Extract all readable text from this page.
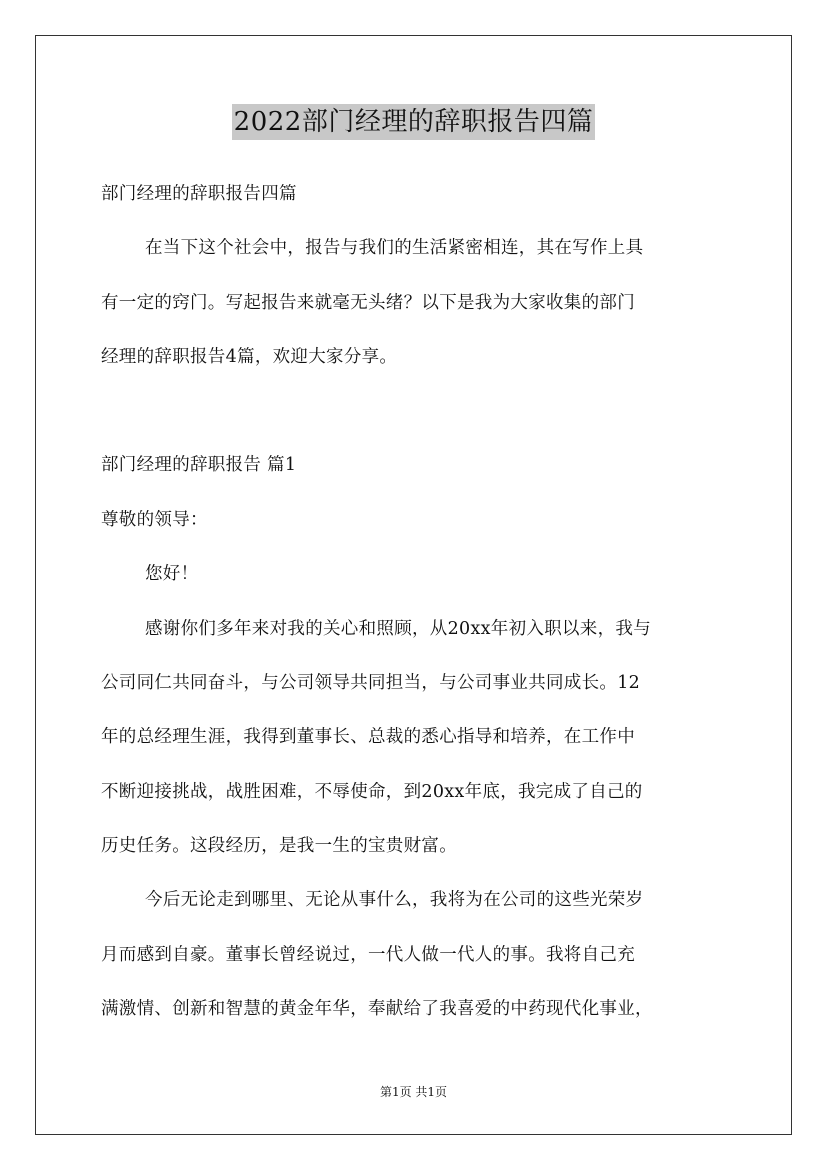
2022部门经理的辞职报告四篇
部门经理的辞职报告四篇
在当下这个社会中，报告与我们的生活紧密相连，其在写作上具
有一定的窍门。写起报告来就毫无头绪？以下是我为大家收集的部门
经理的辞职报告4篇，欢迎大家分享。
部门经理的辞职报告 篇1
尊敬的领导：
您好！
感谢你们多年来对我的关心和照顾，从20xx年初入职以来，我与
公司同仁共同奋斗，与公司领导共同担当，与公司事业共同成长。12
年的总经理生涯，我得到董事长、总裁的悉心指导和培养，在工作中
不断迎接挑战，战胜困难，不辱使命，到20xx年底，我完成了自己的
历史任务。这段经历，是我一生的宝贵财富。
今后无论走到哪里、无论从事什么，我将为在公司的这些光荣岁
月而感到自豪。董事长曾经说过，一代人做一代人的事。我将自己充
满激情、创新和智慧的黄金年华，奉献给了我喜爱的中药现代化事业，
第1页 共1页
